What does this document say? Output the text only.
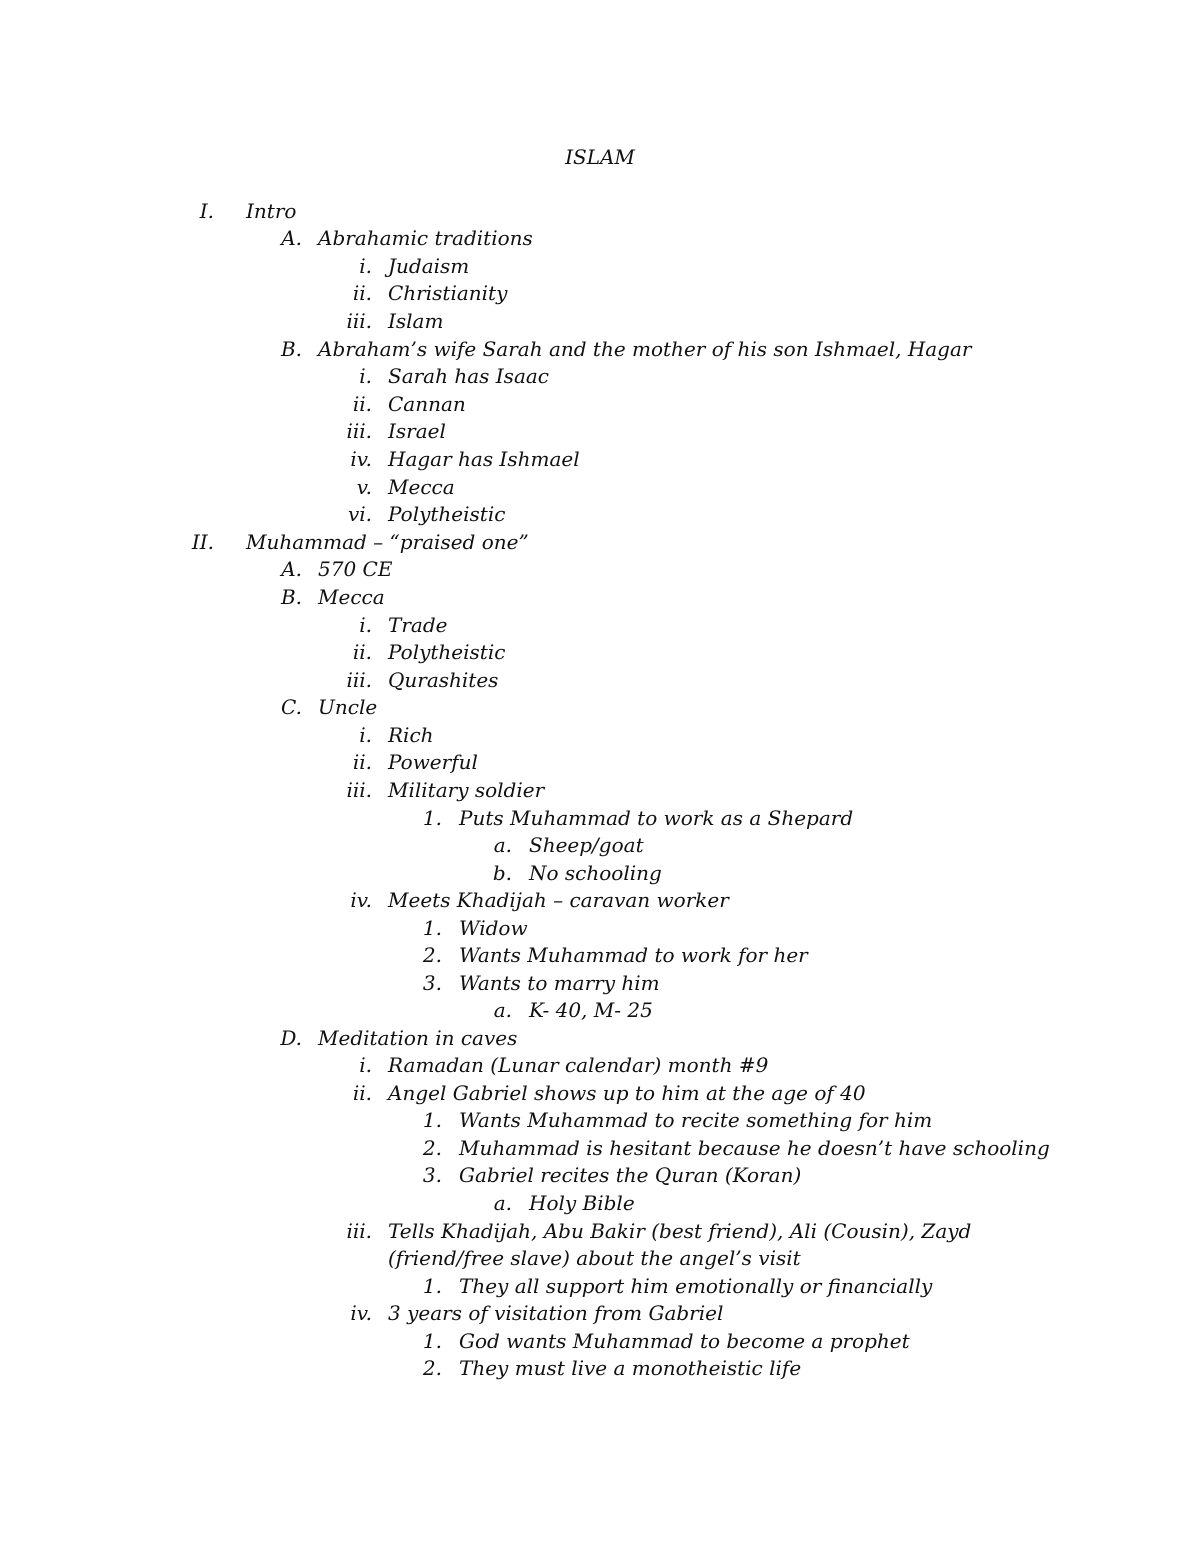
ISLAM
I. Intro
A. Abrahamic traditions
i. Judaism
ii. Christianity
iii. Islam
B. Abraham’s wife Sarah and the mother of his son Ishmael, Hagar
i. Sarah has Isaac
ii. Cannan
iii. Israel
iv. Hagar has Ishmael
v. Mecca
vi. Polytheistic
II. Muhammad – “praised one”
A. 570 CE
B. Mecca
i. Trade
ii. Polytheistic
iii. Qurashites
C. Uncle
i. Rich
ii. Powerful
iii. Military soldier
1. Puts Muhammad to work as a Shepard
a. Sheep/goat
b. No schooling
iv. Meets Khadijah – caravan worker
1. Widow
2. Wants Muhammad to work for her
3. Wants to marry him
a. K- 40, M- 25
D. Meditation in caves
i. Ramadan (Lunar calendar) month #9
ii. Angel Gabriel shows up to him at the age of 40
1. Wants Muhammad to recite something for him
2. Muhammad is hesitant because he doesn’t have schooling
3. Gabriel recites the Quran (Koran)
a. Holy Bible
iii. Tells Khadijah, Abu Bakir (best friend), Ali (Cousin), Zayd
(friend/free slave) about the angel’s visit
1. They all support him emotionally or financially
iv. 3 years of visitation from Gabriel
1. God wants Muhammad to become a prophet
2. They must live a monotheistic life
